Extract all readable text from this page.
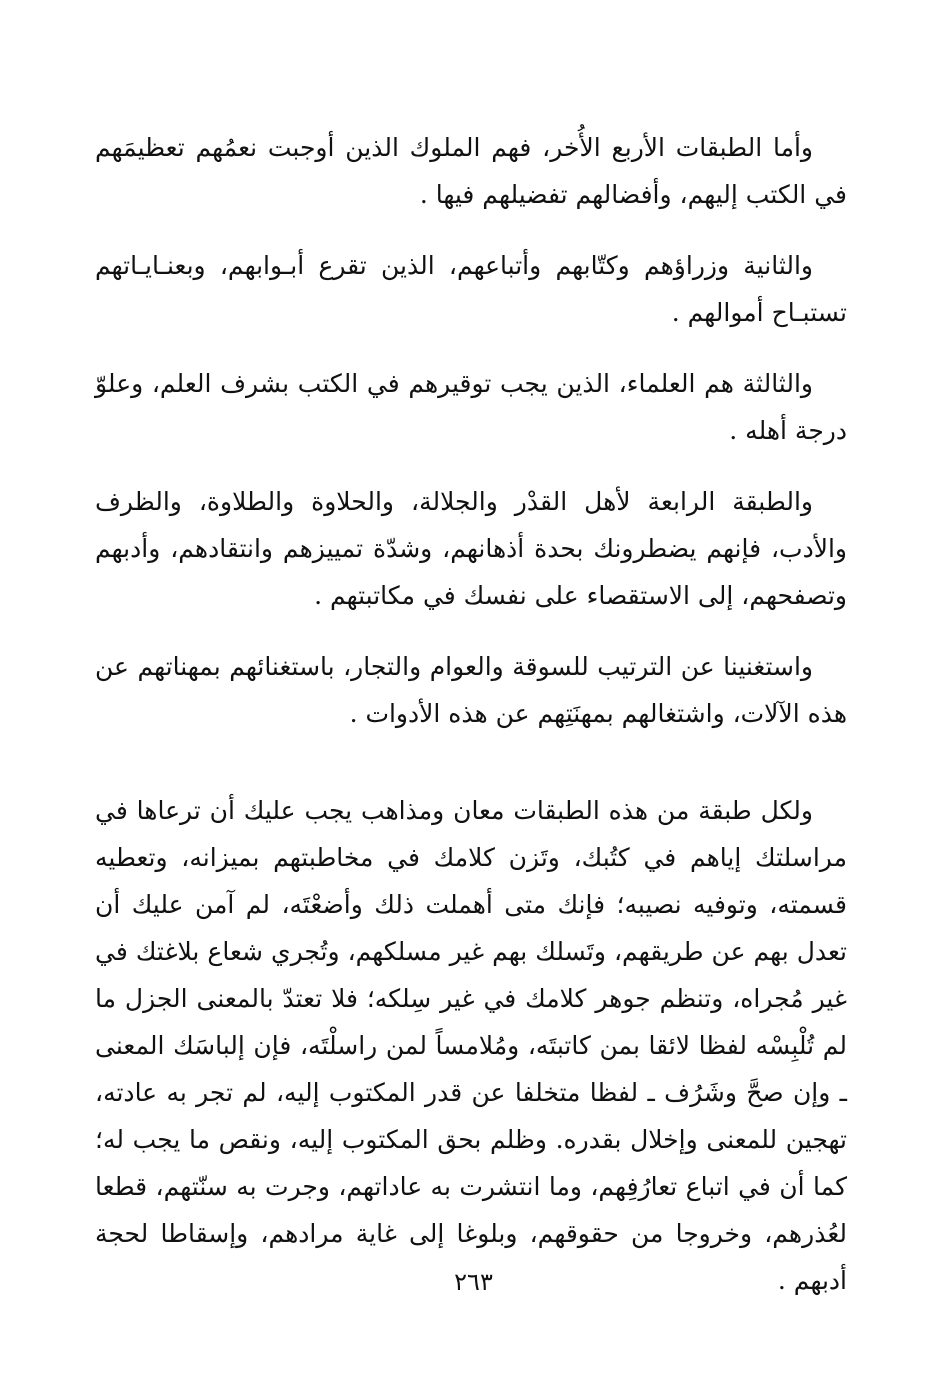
وأما الطبقات الأربع الأُخر، فهم الملوك الذين أوجبت نعمُهم تعظيمَهم في الكتب إليهم، وأفضالهم تفضيلهم فيها .

والثانية وزراؤهم وكتّابهم وأتباعهم، الذين تقرع أبـوابهم، وبعنـايـاتهم تستبـاح أموالهم .

والثالثة هم العلماء، الذين يجب توقيرهم في الكتب بشرف العلم، وعلوّ درجة أهله .

والطبقة الرابعة لأهل القدْر والجلالة، والحلاوة والطلاوة، والظرف والأدب، فإنهم يضطرونك بحدة أذهانهم، وشدّة تمييزهم وانتقادهم، وأدبهم وتصفحهم، إلى الاستقصاء على نفسك في مكاتبتهم .

واستغنينا عن الترتيب للسوقة والعوام والتجار، باستغنائهم بمهناتهم عن هذه الآلات، واشتغالهم بمهنَتِهم عن هذه الأدوات .

ولكل طبقة من هذه الطبقات معان ومذاهب يجب عليك أن ترعاها في مراسلتك إياهم في كتُبك، وتَزن كلامك في مخاطبتهم بميزانه، وتعطيه قسمته، وتوفيه نصيبه؛ فإنك متى أهملت ذلك وأضعْتَه، لم آمن عليك أن تعدل بهم عن طريقهم، وتَسلك بهم غير مسلكهم، وتُجري شعاع بلاغتك في غير مُجراه، وتنظم جوهر كلامك في غير سِلكه؛ فلا تعتدّ بالمعنى الجزل ما لم تُلْبِسْه لفظا لائقا بمن كاتبتَه، ومُلامساً لمن راسلْتَه، فإن إلباسَك المعنى ـ وإن صحَّ وشَرُف ـ لفظا متخلفا عن قدر المكتوب إليه، لم تجر به عادته، تهجين للمعنى وإخلال بقدره. وظلم بحق المكتوب إليه، ونقص ما يجب له؛ كما أن في اتباع تعارُفِهم، وما انتشرت به عاداتهم، وجرت به سنّتهم، قطعا لعُذرهم، وخروجا من حقوقهم، وبلوغا إلى غاية مرادهم، وإسقاطا لحجة أدبهم .

٢٦٣
